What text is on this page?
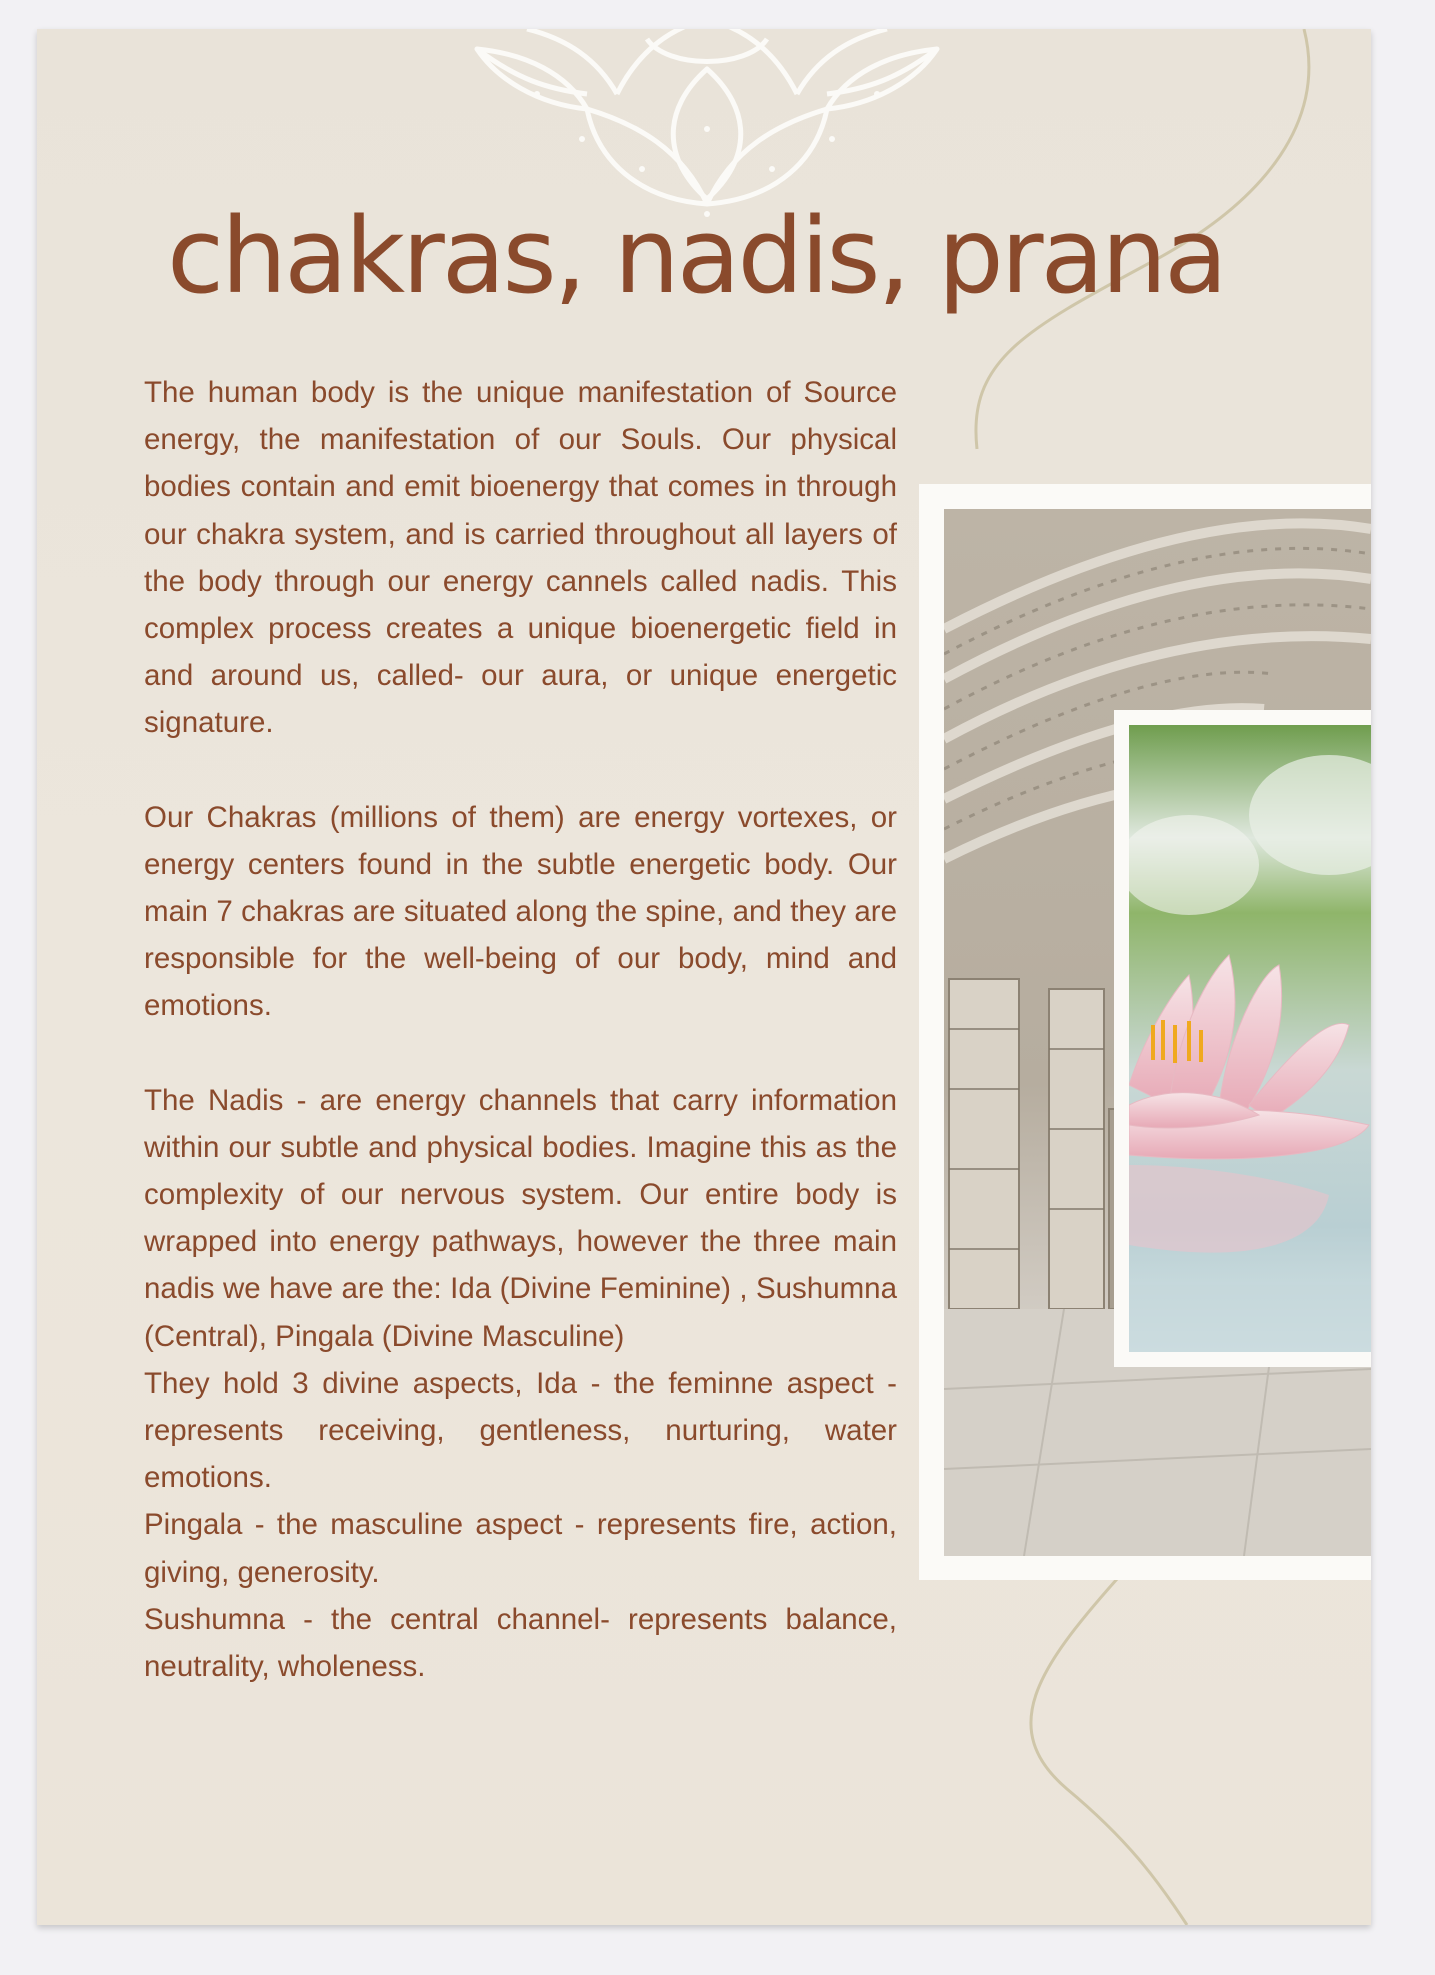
chakras, nadis, prana

The human body is the unique manifestation of Source energy, the manifestation of our Souls. Our physical bodies contain and emit bioenergy that comes in through our chakra system, and is carried throughout all layers of the body through our energy cannels called nadis. This complex process creates a unique bioenergetic field in and around us, called- our aura, or unique energetic signature.

Our Chakras (millions of them) are energy vortexes, or energy centers found in the subtle energetic body. Our main 7 chakras are situated along the spine, and they are responsible for the well-being of our body, mind and emotions.

The Nadis - are energy channels that carry information within our subtle and physical bodies. Imagine this as the complexity of our nervous system. Our entire body is wrapped into energy pathways, however the three main nadis we have are the: Ida (Divine Feminine) , Sushumna (Central), Pingala (Divine Masculine)

They hold 3 divine aspects, Ida - the feminne aspect - represents receiving, gentleness, nurturing, water emotions.

Pingala - the masculine aspect - represents fire, action, giving, generosity.

Sushumna - the central channel- represents balance, neutrality, wholeness.
